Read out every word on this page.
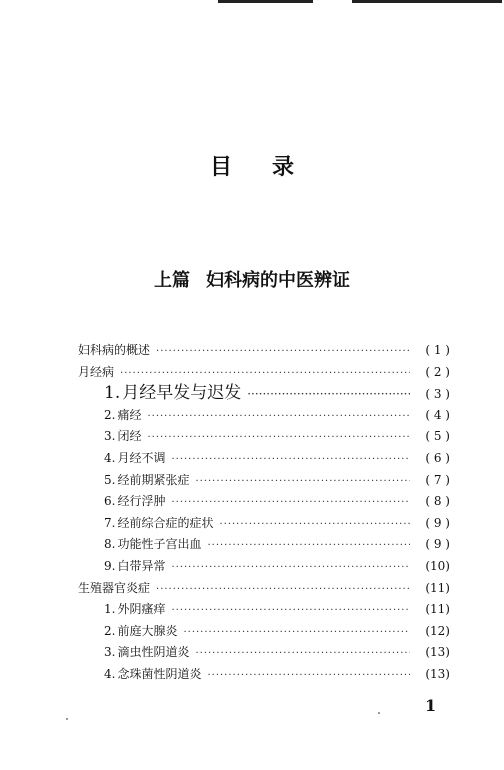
目 录
上篇 妇科病的中医辨证
妇科病的概述 ·····	( 1 )
月经病 ·····	( 2 )
1. 月经早发与迟发 ·····	( 3 )
2. 痛经 ·····	( 4 )
3. 闭经 ·····	( 5 )
4. 月经不调 ·····	( 6 )
5. 经前期紧张症 ·····	( 7 )
6. 经行浮肿 ·····	( 8 )
7. 经前综合症的症状 ·····	( 9 )
8. 功能性子宫出血 ·····	( 9 )
9. 白带异常 ·····	(10)
生殖器官炎症 ·····	(11)
1. 外阴瘙痒 ·····	(11)
2. 前庭大腺炎 ·····	(12)
3. 滴虫性阴道炎 ·····	(13)
4. 念珠菌性阴道炎 ·····	(13)
1
